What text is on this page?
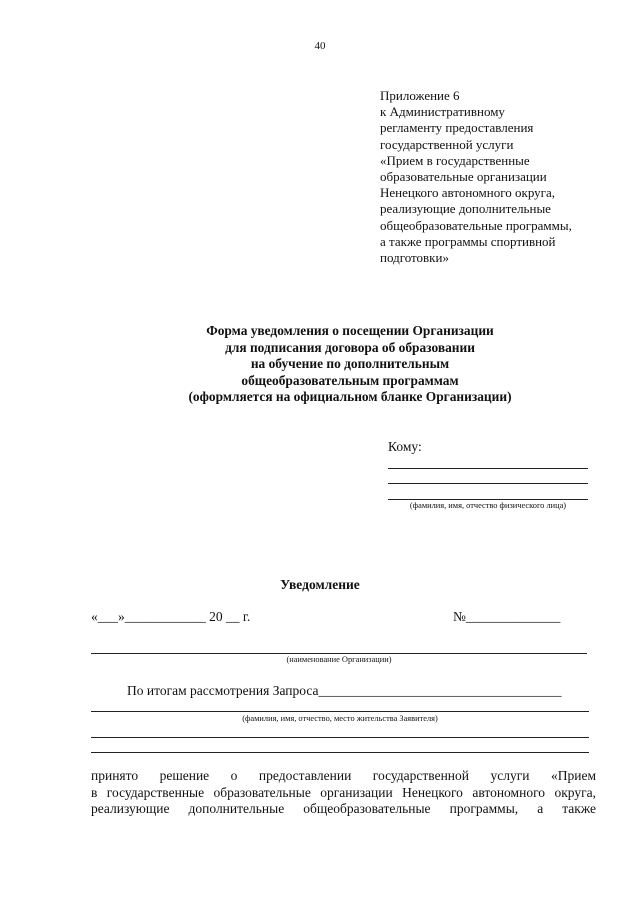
40
Приложение 6
к Административному
регламенту предоставления
государственной услуги
«Прием в государственные
образовательные организации
Ненецкого автономного округа,
реализующие дополнительные
общеобразовательные программы,
а также программы спортивной
подготовки»
Форма уведомления о посещении Организации
для подписания договора об образовании
на обучение по дополнительным
общеобразовательным программам
(оформляется на официальном бланке Организации)
Кому:
(фамилия, имя, отчество физического лица)
Уведомление
«___»____________ 20 __ г.	№______________
(наименование Организации)
По итогам рассмотрения Запроса____________________________________
(фамилия, имя, отчество, место жительства Заявителя)
принято решение о предоставлении государственной услуги «Прием
в государственные образовательные организации Ненецкого автономного округа,
реализующие дополнительные общеобразовательные программы, а также
